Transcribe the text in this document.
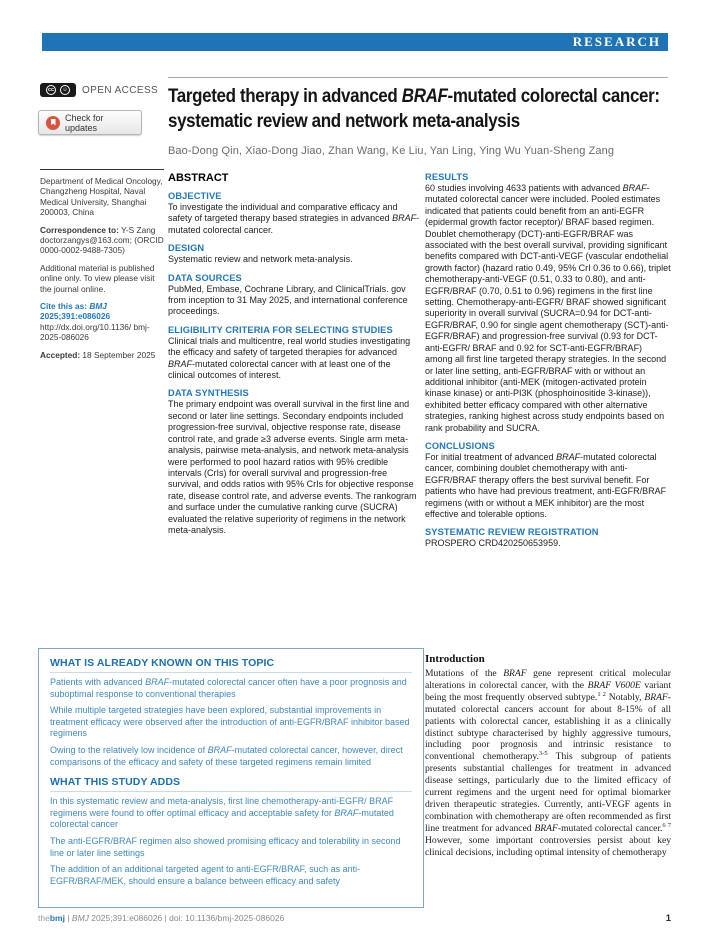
RESEARCH
cc	☺ OPEN ACCESS
Check for updates
Targeted therapy in advanced BRAF-mutated colorectal cancer:
systematic review and network meta-analysis
Bao-Dong Qin, Xiao-Dong Jiao, Zhan Wang, Ke Liu, Yan Ling, Ying Wu Yuan-Sheng Zang

Department of Medical Oncology, Changzheng Hospital, Naval Medical University, Shanghai 200003, China

Correspondence to: Y-S Zang doctorzangys@163.com; (ORCID 0000-0002-9488-7305)

Additional material is published online only. To view please visit the journal online.

Cite this as: BMJ 2025;391:e086026
http://dx.doi.org/10.1136/ bmj-2025-086026

Accepted: 18 September 2025

ABSTRACT
OBJECTIVE

To investigate the individual and comparative efficacy and safety of targeted therapy based strategies in advanced BRAF-mutated colorectal cancer.

DESIGN

Systematic review and network meta-analysis.

DATA SOURCES

PubMed, Embase, Cochrane Library, and ClinicalTrials. gov from inception to 31 May 2025, and international conference proceedings.

ELIGIBILITY CRITERIA FOR SELECTING STUDIES

Clinical trials and multicentre, real world studies investigating the efficacy and safety of targeted therapies for advanced BRAF-mutated colorectal cancer with at least one of the clinical outcomes of interest.

DATA SYNTHESIS

The primary endpoint was overall survival in the first line and second or later line settings. Secondary endpoints included progression-free survival, objective response rate, disease control rate, and grade ≥3 adverse events. Single arm meta-analysis, pairwise meta-analysis, and network meta-analysis were performed to pool hazard ratios with 95% credible intervals (CrIs) for overall survival and progression-free survival, and odds ratios with 95% CrIs for objective response rate, disease control rate, and adverse events. The rankogram and surface under the cumulative ranking curve (SUCRA) evaluated the relative superiority of regimens in the network meta-analysis.

RESULTS

60 studies involving 4633 patients with advanced BRAF-mutated colorectal cancer were included. Pooled estimates indicated that patients could benefit from an anti-EGFR (epidermal growth factor receptor)/ BRAF based regimen. Doublet chemotherapy (DCT)-anti-EGFR/BRAF was associated with the best overall survival, providing significant benefits compared with DCT-anti-VEGF (vascular endothelial growth factor) (hazard ratio 0.49, 95% CrI 0.36 to 0.66), triplet chemotherapy-anti-VEGF (0.51, 0.33 to 0.80), and anti-EGFR/BRAF (0.70, 0.51 to 0.96) regimens in the first line setting. Chemotherapy-anti-EGFR/ BRAF showed significant superiority in overall survival (SUCRA=0.94 for DCT-anti-EGFR/BRAF, 0.90 for single agent chemotherapy (SCT)-anti-EGFR/BRAF) and progression-free survival (0.93 for DCT-anti-EGFR/ BRAF and 0.92 for SCT-anti-EGFR/BRAF) among all first line targeted therapy strategies. In the second or later line setting, anti-EGFR/BRAF with or without an additional inhibitor (anti-MEK (mitogen-activated protein kinase kinase) or anti-PI3K (phosphoinositide 3-kinase)), exhibited better efficacy compared with other alternative strategies, ranking highest across study endpoints based on rank probability and SUCRA.

CONCLUSIONS

For initial treatment of advanced BRAF-mutated colorectal cancer, combining doublet chemotherapy with anti-EGFR/BRAF therapy offers the best survival benefit. For patients who have had previous treatment, anti-EGFR/BRAF regimens (with or without a MEK inhibitor) are the most effective and tolerable options.

SYSTEMATIC REVIEW REGISTRATION

PROSPERO CRD420250653959.

WHAT IS ALREADY KNOWN ON THIS TOPIC

Patients with advanced BRAF-mutated colorectal cancer often have a poor prognosis and suboptimal response to conventional therapies

While multiple targeted strategies have been explored, substantial improvements in treatment efficacy were observed after the introduction of anti-EGFR/BRAF inhibitor based regimens

Owing to the relatively low incidence of BRAF-mutated colorectal cancer, however, direct comparisons of the efficacy and safety of these targeted regimens remain limited

WHAT THIS STUDY ADDS

In this systematic review and meta-analysis, first line chemotherapy-anti-EGFR/ BRAF regimens were found to offer optimal efficacy and acceptable safety for BRAF-mutated colorectal cancer

The anti-EGFR/BRAF regimen also showed promising efficacy and tolerability in second line or later line settings

The addition of an additional targeted agent to anti-EGFR/BRAF, such as anti-EGFR/BRAF/MEK, should ensure a balance between efficacy and safety

Introduction

Mutations of the BRAF gene represent critical molecular alterations in colorectal cancer, with the BRAF V600E variant being the most frequently observed subtype.$^{1 2}$ Notably, BRAF-mutated colorectal cancers account for about 8-15% of all patients with colorectal cancer, establishing it as a clinically distinct subtype characterised by highly aggressive tumours, including poor prognosis and intrinsic resistance to conventional chemotherapy.$^{3-5}$ This subgroup of patients presents substantial challenges for treatment in advanced disease settings, particularly due to the limited efficacy of current regimens and the urgent need for optimal biomarker driven therapeutic strategies. Currently, anti-VEGF agents in combination with chemotherapy are often recommended as first line treatment for advanced BRAF-mutated colorectal cancer.$^{6 7}$ However, some important controversies persist about key clinical decisions, including optimal intensity of chemotherapy

thebmj | BMJ 2025;391:e086026 | doi: 10.1136/bmj-2025-086026	1
